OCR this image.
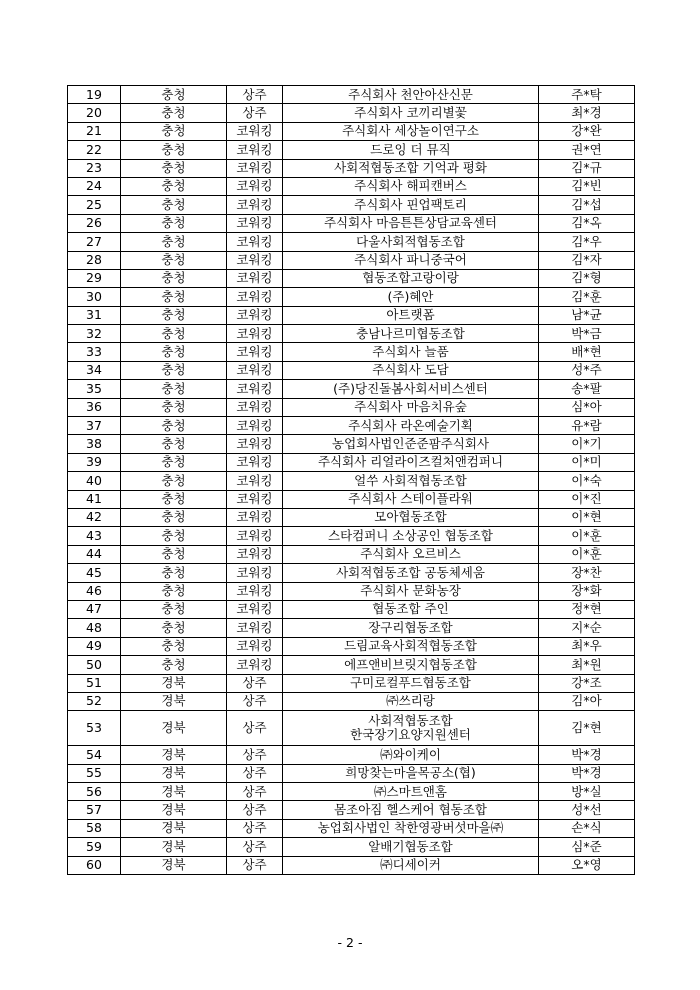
19	충청	상주	주식회사 천안아산신문	주*탁
20	충청	상주	주식회사 코끼리별꽃	최*경
21	충청	코워킹	주식회사 세상놀이연구소	강*완
22	충청	코워킹	드로잉 더 뮤직	권*연
23	충청	코워킹	사회적협동조합 기억과 평화	김*규
24	충청	코워킹	주식회사 해피캔버스	김*빈
25	충청	코워킹	주식회사 핀업팩토리	김*섭
26	충청	코워킹	주식회사 마음튼튼상담교육센터	김*옥
27	충청	코워킹	다울사회적협동조합	김*우
28	충청	코워킹	주식회사 파니중국어	김*자
29	충청	코워킹	협동조합고랑이랑	김*형
30	충청	코워킹	(주)혜안	김*훈
31	충청	코워킹	아트랫폼	남*균
32	충청	코워킹	충남나르미협동조합	박*금
33	충청	코워킹	주식회사 늘품	배*현
34	충청	코워킹	주식회사 도담	성*주
35	충청	코워킹	(주)당진돌봄사회서비스센터	송*팔
36	충청	코워킹	주식회사 마음치유숲	심*아
37	충청	코워킹	주식회사 라온예술기획	유*람
38	충청	코워킹	농업회사법인준준팜주식회사	이*기
39	충청	코워킹	주식회사 리얼라이즈컬처앤컴퍼니	이*미
40	충청	코워킹	얼쑤 사회적협동조합	이*숙
41	충청	코워킹	주식회사 스테이플라워	이*진
42	충청	코워킹	모아협동조합	이*현
43	충청	코워킹	스타컴퍼니 소상공인 협동조합	이*훈
44	충청	코워킹	주식회사 오르비스	이*훈
45	충청	코워킹	사회적협동조합 공동체세움	장*찬
46	충청	코워킹	주식회사 문화농장	장*화
47	충청	코워킹	협동조합 주인	정*현
48	충청	코워킹	장구리협동조합	지*순
49	충청	코워킹	드림교육사회적협동조합	최*우
50	충청	코워킹	에프앤비브릿지협동조합	최*원
51	경북	상주	구미로컬푸드협동조합	강*조
52	경북	상주	㈜쓰리랑	김*아
53	경북	상주	사회적협동조합
한국장기요양지원센터	김*현
54	경북	상주	㈜와이케이	박*경
55	경북	상주	희망찾는마을목공소(협)	박*경
56	경북	상주	㈜스마트앤홈	방*실
57	경북	상주	몸조아짐 헬스케어 협동조합	성*선
58	경북	상주	농업회사법인 착한영광버섯마을㈜	손*식
59	경북	상주	알배기협동조합	심*준
60	경북	상주	㈜디세이커	오*영
- 2 -
